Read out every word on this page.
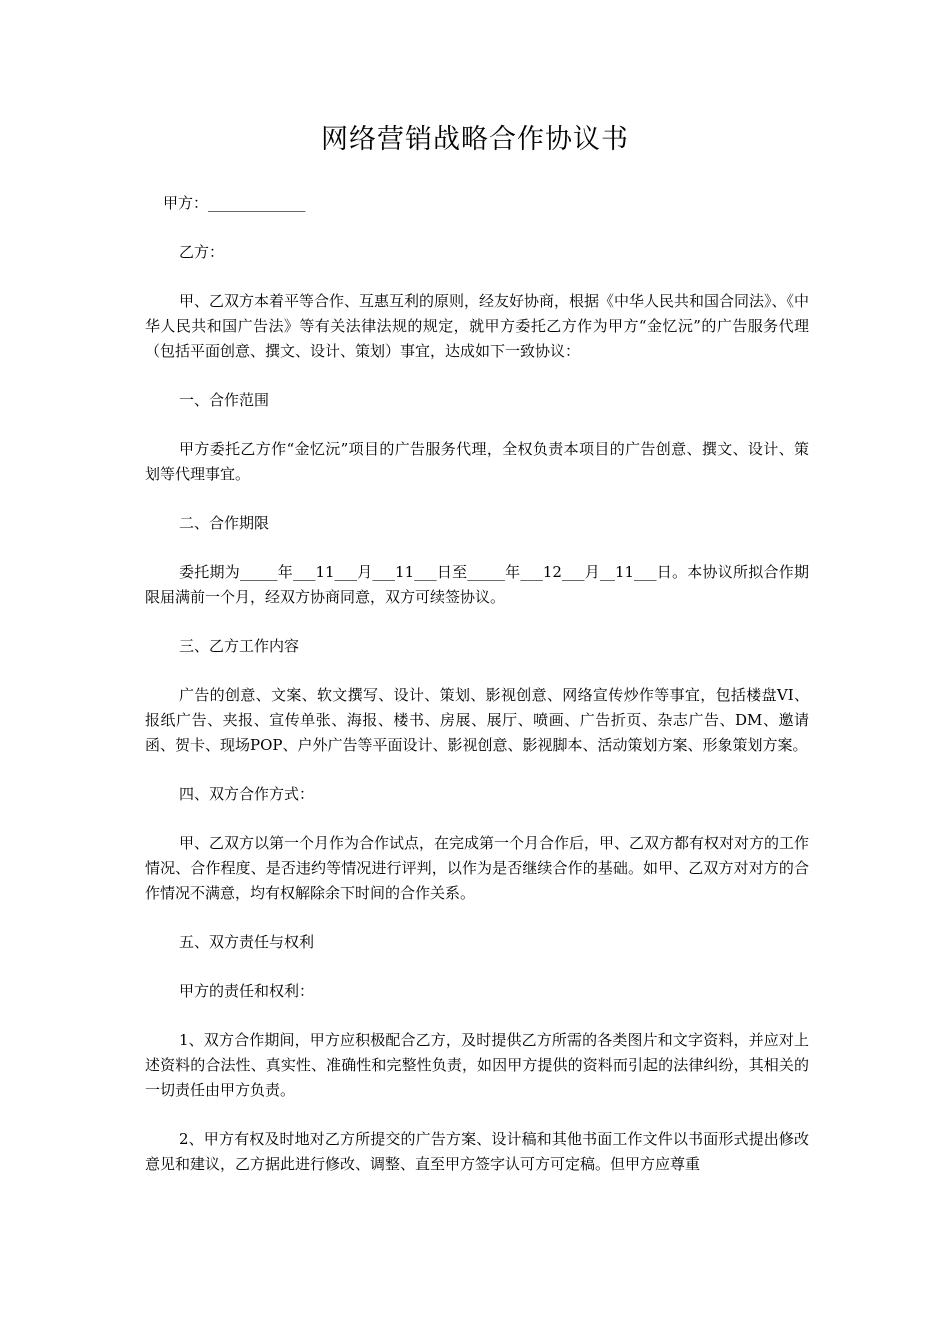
网络营销战略合作协议书

甲方：_____________

乙方：

甲、乙双方本着平等合作、互惠互利的原则，经友好协商，根据《中华人民共和国合同法》、《中华人民共和国广告法》等有关法律法规的规定，就甲方委托乙方作为甲方“金忆沅”的广告服务代理（包括平面创意、撰文、设计、策划）事宜，达成如下一致协议：

一、合作范围

甲方委托乙方作“金忆沅”项目的广告服务代理，全权负责本项目的广告创意、撰文、设计、策划等代理事宜。

二、合作期限

委托期为_____年___11___月___11___日至_____年___12___月__11___日。本协议所拟合作期限届满前一个月，经双方协商同意，双方可续签协议。

三、乙方工作内容

广告的创意、文案、软文撰写、设计、策划、影视创意、网络宣传炒作等事宜，包括楼盘VI、报纸广告、夹报、宣传单张、海报、楼书、房展、展厅、喷画、广告折页、杂志广告、DM、邀请函、贺卡、现场POP、户外广告等平面设计、影视创意、影视脚本、活动策划方案、形象策划方案。

四、双方合作方式：

甲、乙双方以第一个月作为合作试点，在完成第一个月合作后，甲、乙双方都有权对对方的工作情况、合作程度、是否违约等情况进行评判，以作为是否继续合作的基础。如甲、乙双方对对方的合作情况不满意，均有权解除余下时间的合作关系。

五、双方责任与权利

甲方的责任和权利：

1、双方合作期间，甲方应积极配合乙方，及时提供乙方所需的各类图片和文字资料，并应对上述资料的合法性、真实性、准确性和完整性负责，如因甲方提供的资料而引起的法律纠纷，其相关的一切责任由甲方负责。

2、甲方有权及时地对乙方所提交的广告方案、设计稿和其他书面工作文件以书面形式提出修改意见和建议，乙方据此进行修改、调整、直至甲方签字认可方可定稿。但甲方应尊重
